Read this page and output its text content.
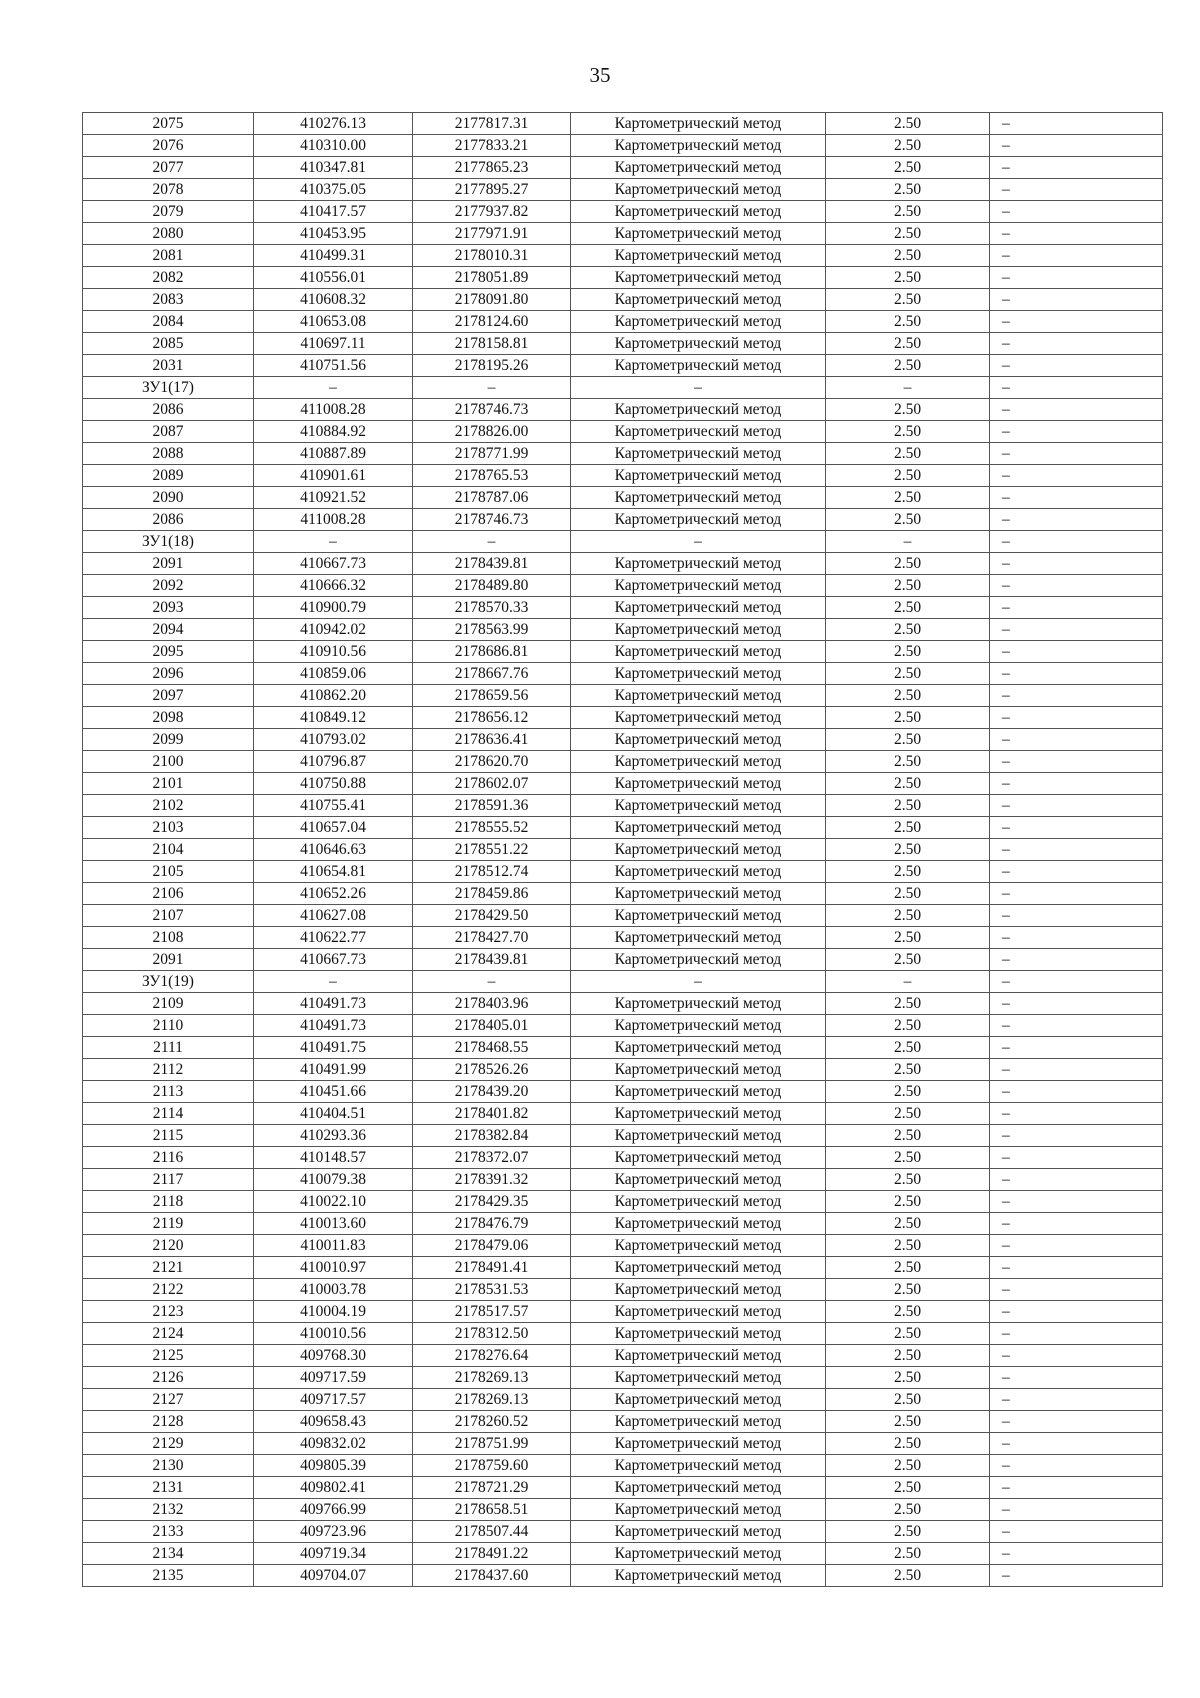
35
2075	410276.13	2177817.31	Картометрический метод	2.50	–
2076	410310.00	2177833.21	Картометрический метод	2.50	–
2077	410347.81	2177865.23	Картометрический метод	2.50	–
2078	410375.05	2177895.27	Картометрический метод	2.50	–
2079	410417.57	2177937.82	Картометрический метод	2.50	–
2080	410453.95	2177971.91	Картометрический метод	2.50	–
2081	410499.31	2178010.31	Картометрический метод	2.50	–
2082	410556.01	2178051.89	Картометрический метод	2.50	–
2083	410608.32	2178091.80	Картометрический метод	2.50	–
2084	410653.08	2178124.60	Картометрический метод	2.50	–
2085	410697.11	2178158.81	Картометрический метод	2.50	–
2031	410751.56	2178195.26	Картометрический метод	2.50	–
ЗУ1(17)	–	–	–	–	–
2086	411008.28	2178746.73	Картометрический метод	2.50	–
2087	410884.92	2178826.00	Картометрический метод	2.50	–
2088	410887.89	2178771.99	Картометрический метод	2.50	–
2089	410901.61	2178765.53	Картометрический метод	2.50	–
2090	410921.52	2178787.06	Картометрический метод	2.50	–
2086	411008.28	2178746.73	Картометрический метод	2.50	–
ЗУ1(18)	–	–	–	–	–
2091	410667.73	2178439.81	Картометрический метод	2.50	–
2092	410666.32	2178489.80	Картометрический метод	2.50	–
2093	410900.79	2178570.33	Картометрический метод	2.50	–
2094	410942.02	2178563.99	Картометрический метод	2.50	–
2095	410910.56	2178686.81	Картометрический метод	2.50	–
2096	410859.06	2178667.76	Картометрический метод	2.50	–
2097	410862.20	2178659.56	Картометрический метод	2.50	–
2098	410849.12	2178656.12	Картометрический метод	2.50	–
2099	410793.02	2178636.41	Картометрический метод	2.50	–
2100	410796.87	2178620.70	Картометрический метод	2.50	–
2101	410750.88	2178602.07	Картометрический метод	2.50	–
2102	410755.41	2178591.36	Картометрический метод	2.50	–
2103	410657.04	2178555.52	Картометрический метод	2.50	–
2104	410646.63	2178551.22	Картометрический метод	2.50	–
2105	410654.81	2178512.74	Картометрический метод	2.50	–
2106	410652.26	2178459.86	Картометрический метод	2.50	–
2107	410627.08	2178429.50	Картометрический метод	2.50	–
2108	410622.77	2178427.70	Картометрический метод	2.50	–
2091	410667.73	2178439.81	Картометрический метод	2.50	–
ЗУ1(19)	–	–	–	–	–
2109	410491.73	2178403.96	Картометрический метод	2.50	–
2110	410491.73	2178405.01	Картометрический метод	2.50	–
2111	410491.75	2178468.55	Картометрический метод	2.50	–
2112	410491.99	2178526.26	Картометрический метод	2.50	–
2113	410451.66	2178439.20	Картометрический метод	2.50	–
2114	410404.51	2178401.82	Картометрический метод	2.50	–
2115	410293.36	2178382.84	Картометрический метод	2.50	–
2116	410148.57	2178372.07	Картометрический метод	2.50	–
2117	410079.38	2178391.32	Картометрический метод	2.50	–
2118	410022.10	2178429.35	Картометрический метод	2.50	–
2119	410013.60	2178476.79	Картометрический метод	2.50	–
2120	410011.83	2178479.06	Картометрический метод	2.50	–
2121	410010.97	2178491.41	Картометрический метод	2.50	–
2122	410003.78	2178531.53	Картометрический метод	2.50	–
2123	410004.19	2178517.57	Картометрический метод	2.50	–
2124	410010.56	2178312.50	Картометрический метод	2.50	–
2125	409768.30	2178276.64	Картометрический метод	2.50	–
2126	409717.59	2178269.13	Картометрический метод	2.50	–
2127	409717.57	2178269.13	Картометрический метод	2.50	–
2128	409658.43	2178260.52	Картометрический метод	2.50	–
2129	409832.02	2178751.99	Картометрический метод	2.50	–
2130	409805.39	2178759.60	Картометрический метод	2.50	–
2131	409802.41	2178721.29	Картометрический метод	2.50	–
2132	409766.99	2178658.51	Картометрический метод	2.50	–
2133	409723.96	2178507.44	Картометрический метод	2.50	–
2134	409719.34	2178491.22	Картометрический метод	2.50	–
2135	409704.07	2178437.60	Картометрический метод	2.50	–
